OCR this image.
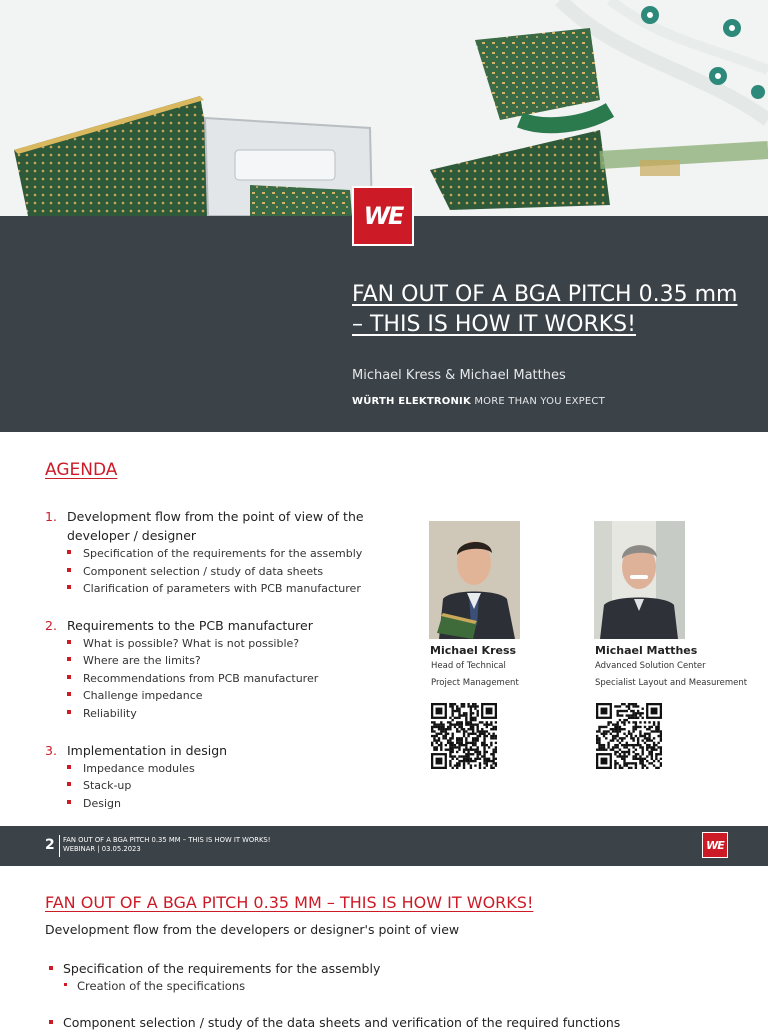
WE
FAN OUT OF A BGA PITCH 0.35 mm – THIS IS HOW IT WORKS!
Michael Kress & Michael Matthes
WÜRTH ELEKTRONIK MORE THAN YOU EXPECT
AGENDA
1. Development flow from the point of view of the
developer / designer
Specification of the requirements for the assembly
Component selection / study of data sheets
Clarification of parameters with PCB manufacturer
2. Requirements to the PCB manufacturer
What is possible? What is not possible?
Where are the limits?
Recommendations from PCB manufacturer
Challenge impedance
Reliability
3. Implementation in design
Impedance modules
Stack-up
Design
Michael Kress
Head of Technical
Project Management
Michael Matthes
Advanced Solution Center
Specialist Layout and Measurement
2 FAN OUT OF A BGA PITCH 0.35 MM – THIS IS HOW IT WORKS!
WEBINAR | 03.05.2023	WE
FAN OUT OF A BGA PITCH 0.35 MM – THIS IS HOW IT WORKS!
Development flow from the developers or designer's point of view
Specification of the requirements for the assembly
Creation of the specifications
Component selection / study of the data sheets and verification of the required functions
